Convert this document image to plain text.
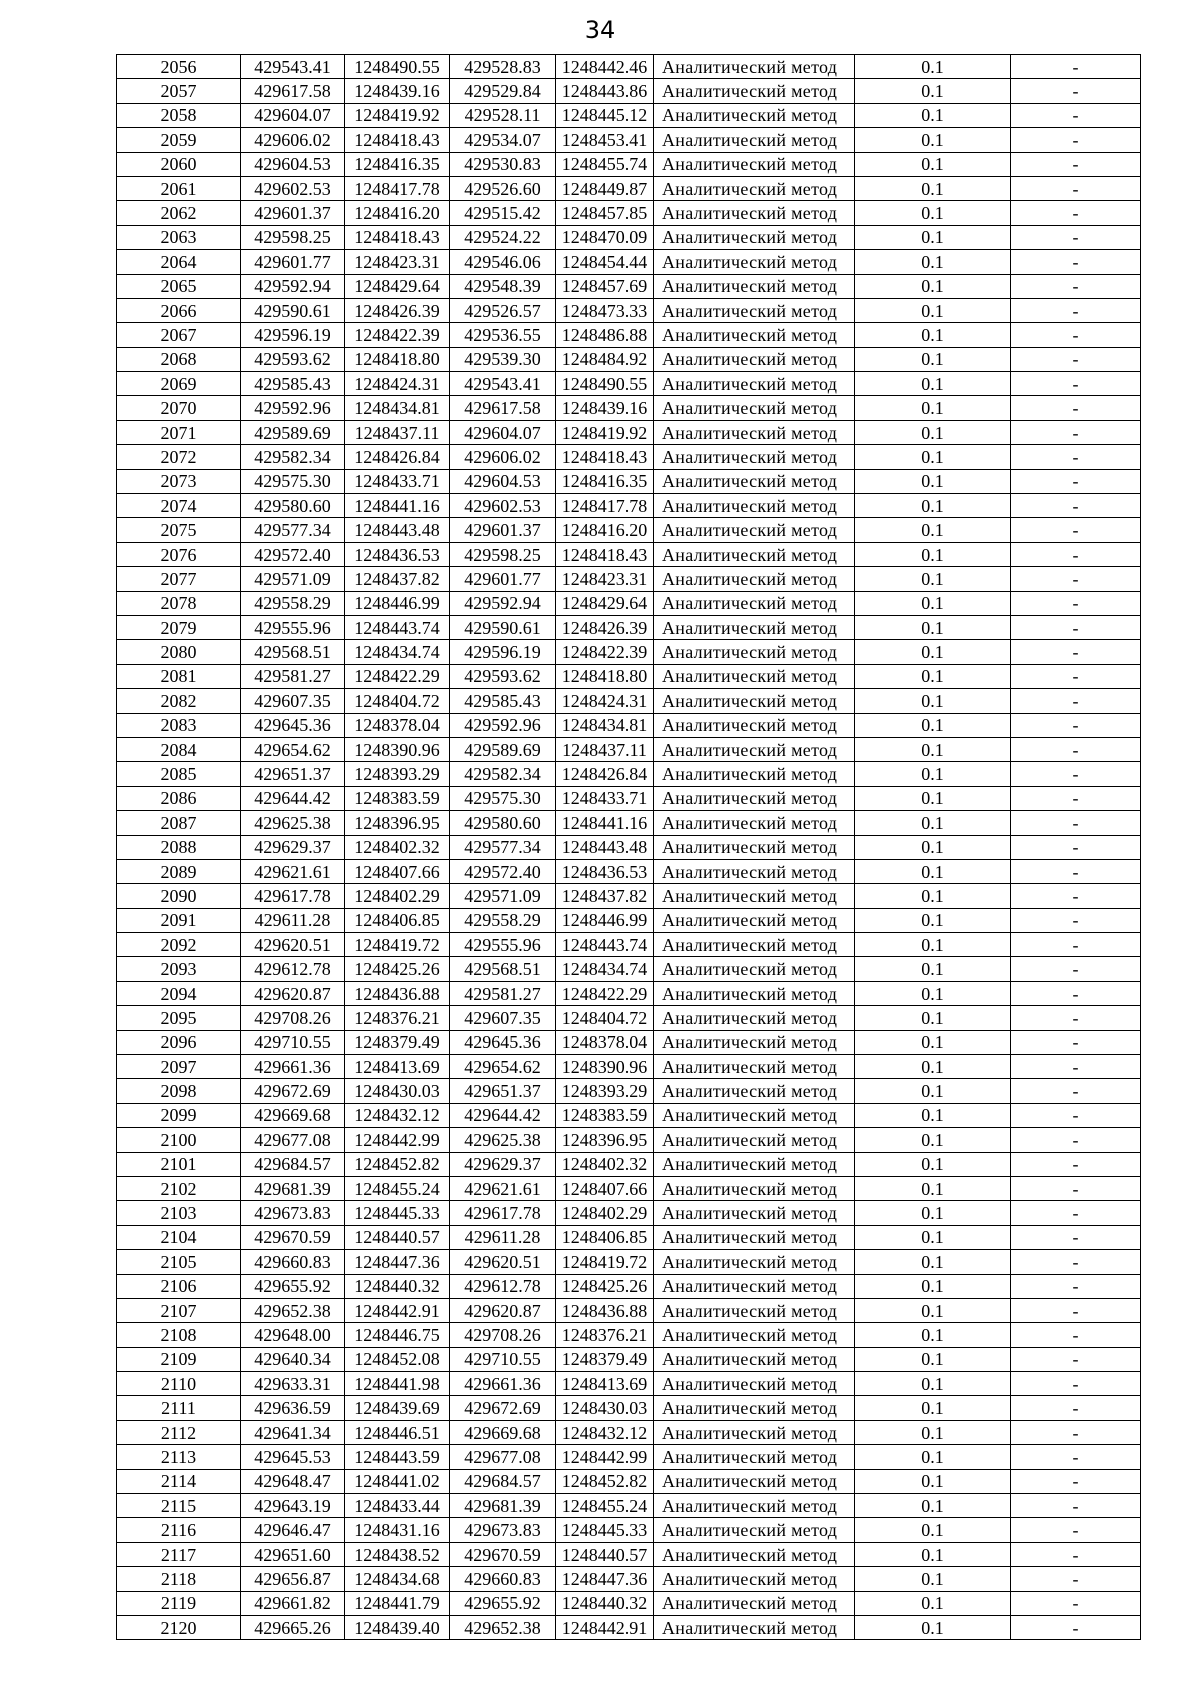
34
2056	429543.41	1248490.55	429528.83	1248442.46	Аналитический метод	0.1	-
2057	429617.58	1248439.16	429529.84	1248443.86	Аналитический метод	0.1	-
2058	429604.07	1248419.92	429528.11	1248445.12	Аналитический метод	0.1	-
2059	429606.02	1248418.43	429534.07	1248453.41	Аналитический метод	0.1	-
2060	429604.53	1248416.35	429530.83	1248455.74	Аналитический метод	0.1	-
2061	429602.53	1248417.78	429526.60	1248449.87	Аналитический метод	0.1	-
2062	429601.37	1248416.20	429515.42	1248457.85	Аналитический метод	0.1	-
2063	429598.25	1248418.43	429524.22	1248470.09	Аналитический метод	0.1	-
2064	429601.77	1248423.31	429546.06	1248454.44	Аналитический метод	0.1	-
2065	429592.94	1248429.64	429548.39	1248457.69	Аналитический метод	0.1	-
2066	429590.61	1248426.39	429526.57	1248473.33	Аналитический метод	0.1	-
2067	429596.19	1248422.39	429536.55	1248486.88	Аналитический метод	0.1	-
2068	429593.62	1248418.80	429539.30	1248484.92	Аналитический метод	0.1	-
2069	429585.43	1248424.31	429543.41	1248490.55	Аналитический метод	0.1	-
2070	429592.96	1248434.81	429617.58	1248439.16	Аналитический метод	0.1	-
2071	429589.69	1248437.11	429604.07	1248419.92	Аналитический метод	0.1	-
2072	429582.34	1248426.84	429606.02	1248418.43	Аналитический метод	0.1	-
2073	429575.30	1248433.71	429604.53	1248416.35	Аналитический метод	0.1	-
2074	429580.60	1248441.16	429602.53	1248417.78	Аналитический метод	0.1	-
2075	429577.34	1248443.48	429601.37	1248416.20	Аналитический метод	0.1	-
2076	429572.40	1248436.53	429598.25	1248418.43	Аналитический метод	0.1	-
2077	429571.09	1248437.82	429601.77	1248423.31	Аналитический метод	0.1	-
2078	429558.29	1248446.99	429592.94	1248429.64	Аналитический метод	0.1	-
2079	429555.96	1248443.74	429590.61	1248426.39	Аналитический метод	0.1	-
2080	429568.51	1248434.74	429596.19	1248422.39	Аналитический метод	0.1	-
2081	429581.27	1248422.29	429593.62	1248418.80	Аналитический метод	0.1	-
2082	429607.35	1248404.72	429585.43	1248424.31	Аналитический метод	0.1	-
2083	429645.36	1248378.04	429592.96	1248434.81	Аналитический метод	0.1	-
2084	429654.62	1248390.96	429589.69	1248437.11	Аналитический метод	0.1	-
2085	429651.37	1248393.29	429582.34	1248426.84	Аналитический метод	0.1	-
2086	429644.42	1248383.59	429575.30	1248433.71	Аналитический метод	0.1	-
2087	429625.38	1248396.95	429580.60	1248441.16	Аналитический метод	0.1	-
2088	429629.37	1248402.32	429577.34	1248443.48	Аналитический метод	0.1	-
2089	429621.61	1248407.66	429572.40	1248436.53	Аналитический метод	0.1	-
2090	429617.78	1248402.29	429571.09	1248437.82	Аналитический метод	0.1	-
2091	429611.28	1248406.85	429558.29	1248446.99	Аналитический метод	0.1	-
2092	429620.51	1248419.72	429555.96	1248443.74	Аналитический метод	0.1	-
2093	429612.78	1248425.26	429568.51	1248434.74	Аналитический метод	0.1	-
2094	429620.87	1248436.88	429581.27	1248422.29	Аналитический метод	0.1	-
2095	429708.26	1248376.21	429607.35	1248404.72	Аналитический метод	0.1	-
2096	429710.55	1248379.49	429645.36	1248378.04	Аналитический метод	0.1	-
2097	429661.36	1248413.69	429654.62	1248390.96	Аналитический метод	0.1	-
2098	429672.69	1248430.03	429651.37	1248393.29	Аналитический метод	0.1	-
2099	429669.68	1248432.12	429644.42	1248383.59	Аналитический метод	0.1	-
2100	429677.08	1248442.99	429625.38	1248396.95	Аналитический метод	0.1	-
2101	429684.57	1248452.82	429629.37	1248402.32	Аналитический метод	0.1	-
2102	429681.39	1248455.24	429621.61	1248407.66	Аналитический метод	0.1	-
2103	429673.83	1248445.33	429617.78	1248402.29	Аналитический метод	0.1	-
2104	429670.59	1248440.57	429611.28	1248406.85	Аналитический метод	0.1	-
2105	429660.83	1248447.36	429620.51	1248419.72	Аналитический метод	0.1	-
2106	429655.92	1248440.32	429612.78	1248425.26	Аналитический метод	0.1	-
2107	429652.38	1248442.91	429620.87	1248436.88	Аналитический метод	0.1	-
2108	429648.00	1248446.75	429708.26	1248376.21	Аналитический метод	0.1	-
2109	429640.34	1248452.08	429710.55	1248379.49	Аналитический метод	0.1	-
2110	429633.31	1248441.98	429661.36	1248413.69	Аналитический метод	0.1	-
2111	429636.59	1248439.69	429672.69	1248430.03	Аналитический метод	0.1	-
2112	429641.34	1248446.51	429669.68	1248432.12	Аналитический метод	0.1	-
2113	429645.53	1248443.59	429677.08	1248442.99	Аналитический метод	0.1	-
2114	429648.47	1248441.02	429684.57	1248452.82	Аналитический метод	0.1	-
2115	429643.19	1248433.44	429681.39	1248455.24	Аналитический метод	0.1	-
2116	429646.47	1248431.16	429673.83	1248445.33	Аналитический метод	0.1	-
2117	429651.60	1248438.52	429670.59	1248440.57	Аналитический метод	0.1	-
2118	429656.87	1248434.68	429660.83	1248447.36	Аналитический метод	0.1	-
2119	429661.82	1248441.79	429655.92	1248440.32	Аналитический метод	0.1	-
2120	429665.26	1248439.40	429652.38	1248442.91	Аналитический метод	0.1	-
